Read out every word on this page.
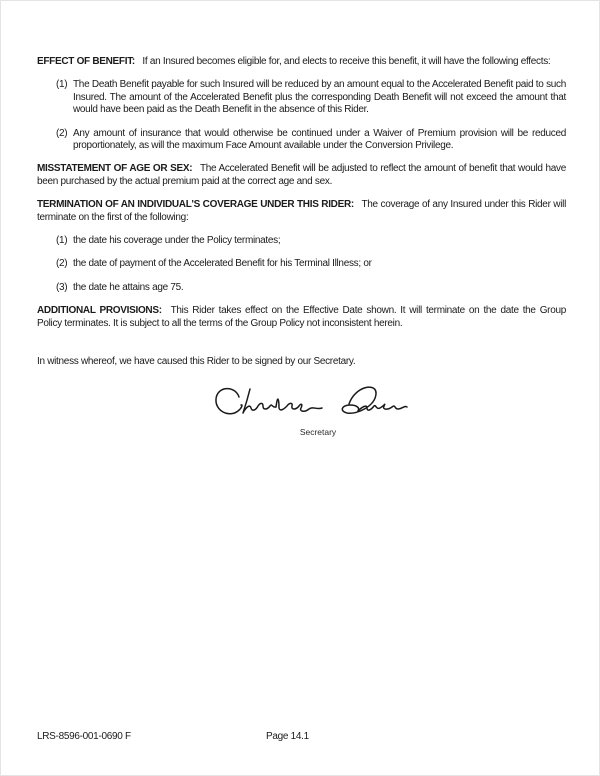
EFFECT OF BENEFIT: If an Insured becomes eligible for, and elects to receive this benefit, it will have the following effects:

(1) The Death Benefit payable for such Insured will be reduced by an amount equal to the Accelerated Benefit paid to such Insured. The amount of the Accelerated Benefit plus the corresponding Death Benefit will not exceed the amount that would have been paid as the Death Benefit in the absence of this Rider.
(2) Any amount of insurance that would otherwise be continued under a Waiver of Premium provision will be reduced proportionately, as will the maximum Face Amount available under the Conversion Privilege.

MISSTATEMENT OF AGE OR SEX: The Accelerated Benefit will be adjusted to reflect the amount of benefit that would have been purchased by the actual premium paid at the correct age and sex.

TERMINATION OF AN INDIVIDUAL'S COVERAGE UNDER THIS RIDER: The coverage of any Insured under this Rider will terminate on the first of the following:

(1) the date his coverage under the Policy terminates;
(2) the date of payment of the Accelerated Benefit for his Terminal Illness; or
(3) the date he attains age 75.

ADDITIONAL PROVISIONS: This Rider takes effect on the Effective Date shown. It will terminate on the date the Group Policy terminates. It is subject to all the terms of the Group Policy not inconsistent herein.

In witness whereof, we have caused this Rider to be signed by our Secretary.

Secretary
LRS-8596-001-0690 F	Page 14.1
